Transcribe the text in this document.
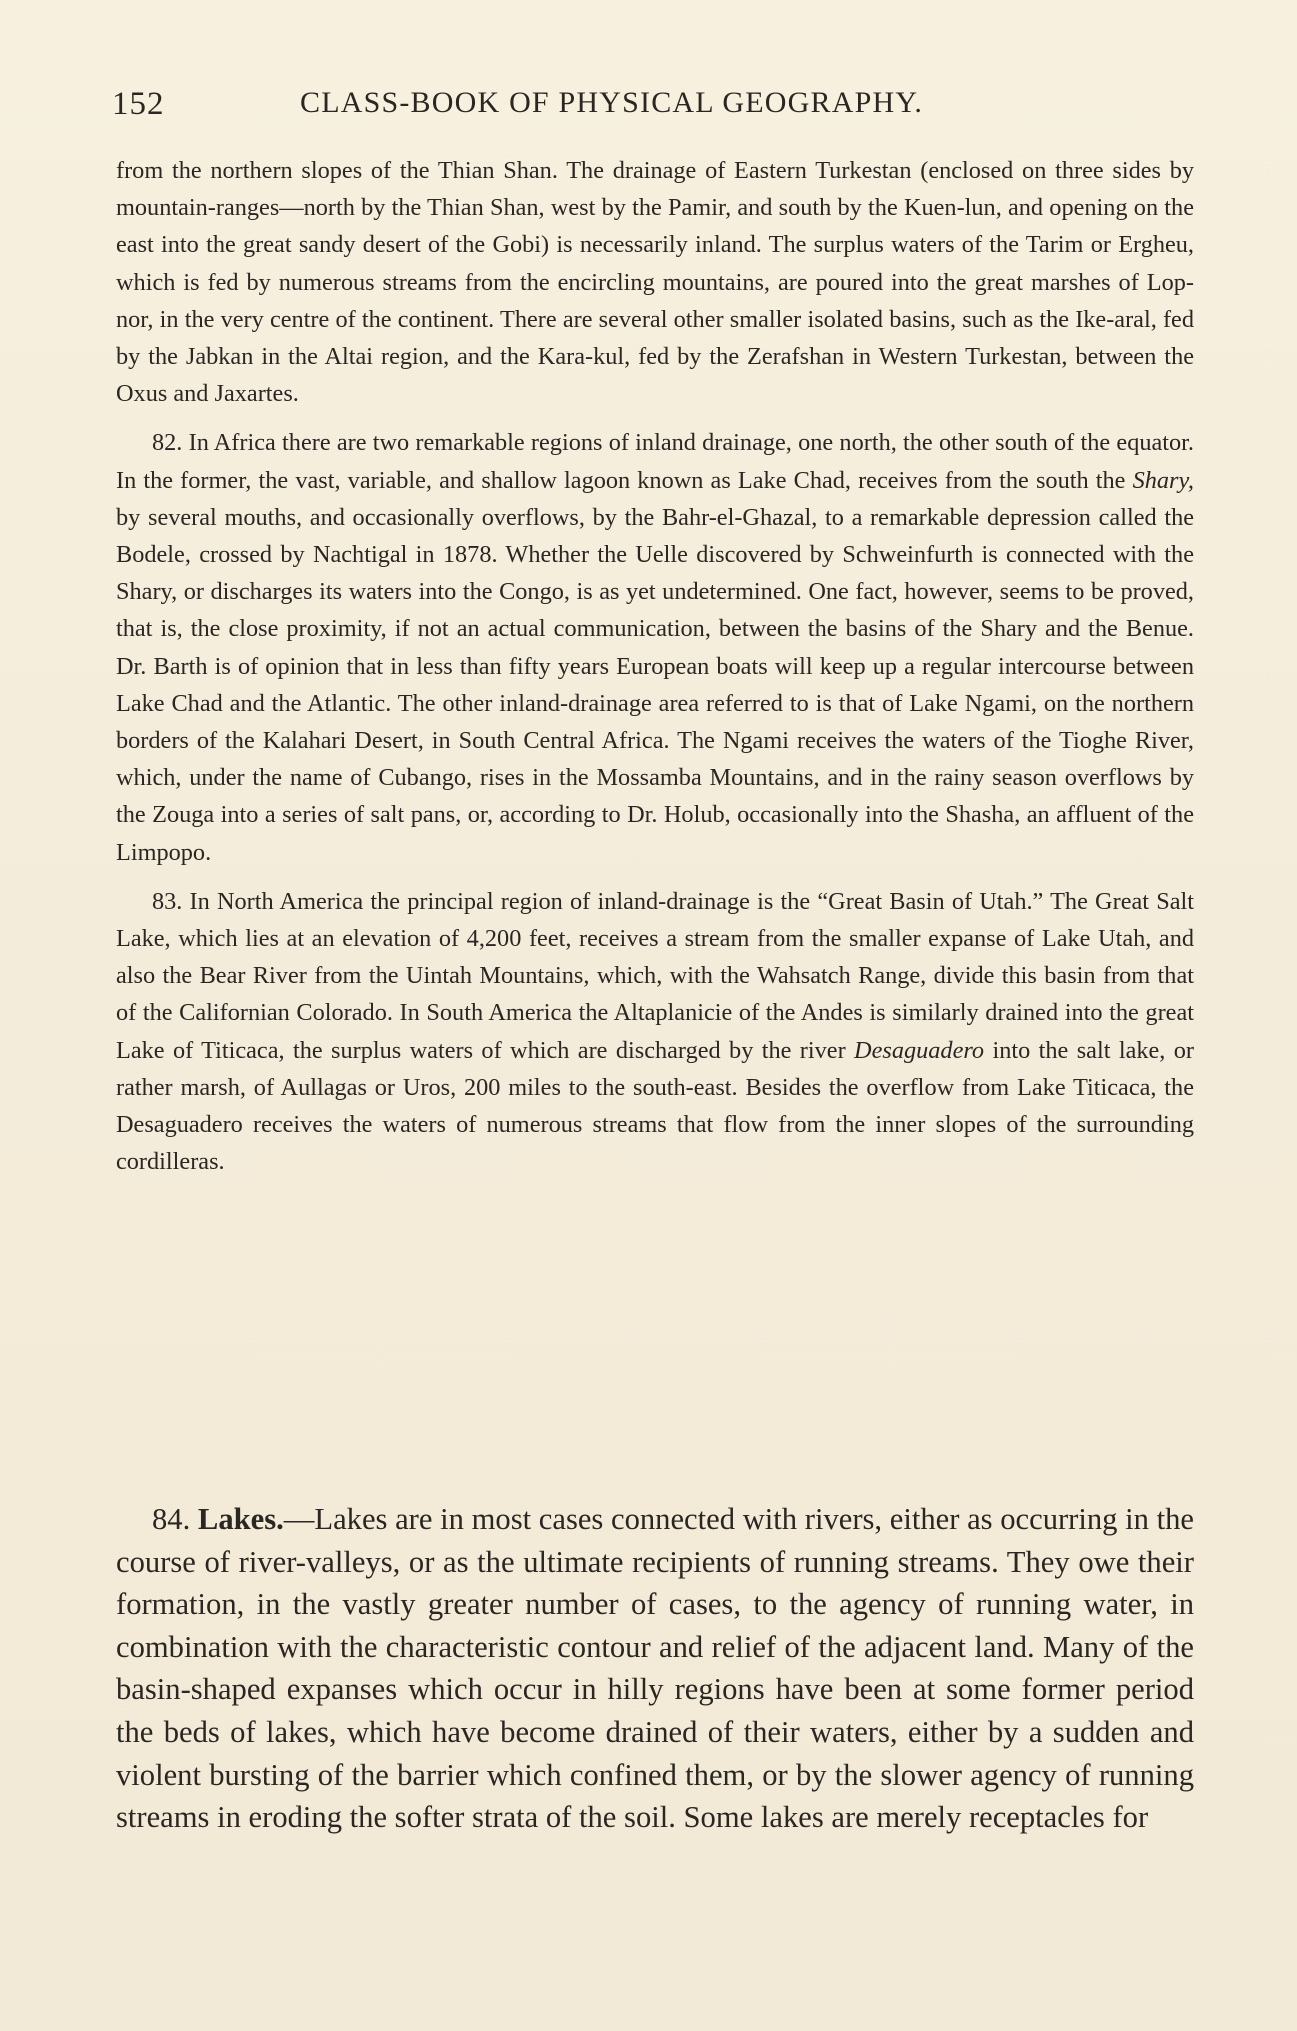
152	CLASS-BOOK OF PHYSICAL GEOGRAPHY.

from the northern slopes of the Thian Shan. The drainage of Eastern Turkestan (enclosed on three sides by mountain-ranges—north by the Thian Shan, west by the Pamir, and south by the Kuen-lun, and opening on the east into the great sandy desert of the Gobi) is necessarily inland. The surplus waters of the Tarim or Ergheu, which is fed by numerous streams from the encircling mountains, are poured into the great marshes of Lop-nor, in the very centre of the continent. There are several other smaller isolated basins, such as the Ike-aral, fed by the Jabkan in the Altai region, and the Kara-kul, fed by the Zerafshan in Western Turkestan, between the Oxus and Jaxartes.

82. In Africa there are two remarkable regions of inland drainage, one north, the other south of the equator. In the former, the vast, variable, and shallow lagoon known as Lake Chad, receives from the south the Shary, by several mouths, and occasionally overflows, by the Bahr-el-Ghazal, to a remarkable depression called the Bodele, crossed by Nachtigal in 1878. Whether the Uelle discovered by Schweinfurth is connected with the Shary, or discharges its waters into the Congo, is as yet undetermined. One fact, however, seems to be proved, that is, the close proximity, if not an actual communication, between the basins of the Shary and the Benue. Dr. Barth is of opinion that in less than fifty years European boats will keep up a regular intercourse between Lake Chad and the Atlantic. The other inland-drainage area referred to is that of Lake Ngami, on the northern borders of the Kalahari Desert, in South Central Africa. The Ngami receives the waters of the Tioghe River, which, under the name of Cubango, rises in the Mossamba Mountains, and in the rainy season overflows by the Zouga into a series of salt pans, or, according to Dr. Holub, occasionally into the Shasha, an affluent of the Limpopo.

83. In North America the principal region of inland-drainage is the “Great Basin of Utah.” The Great Salt Lake, which lies at an elevation of 4,200 feet, receives a stream from the smaller expanse of Lake Utah, and also the Bear River from the Uintah Mountains, which, with the Wahsatch Range, divide this basin from that of the Californian Colorado. In South America the Altaplanicie of the Andes is similarly drained into the great Lake of Titicaca, the surplus waters of which are discharged by the river Desaguadero into the salt lake, or rather marsh, of Aullagas or Uros, 200 miles to the south-east. Besides the overflow from Lake Titicaca, the Desaguadero receives the waters of numerous streams that flow from the inner slopes of the surrounding cordilleras.

84. Lakes.—Lakes are in most cases connected with rivers, either as occurring in the course of river-valleys, or as the ultimate recipients of running streams. They owe their formation, in the vastly greater number of cases, to the agency of running water, in combination with the characteristic contour and relief of the adjacent land. Many of the basin-shaped expanses which occur in hilly regions have been at some former period the beds of lakes, which have become drained of their waters, either by a sudden and violent bursting of the barrier which confined them, or by the slower agency of running streams in eroding the softer strata of the soil. Some lakes are merely receptacles for
